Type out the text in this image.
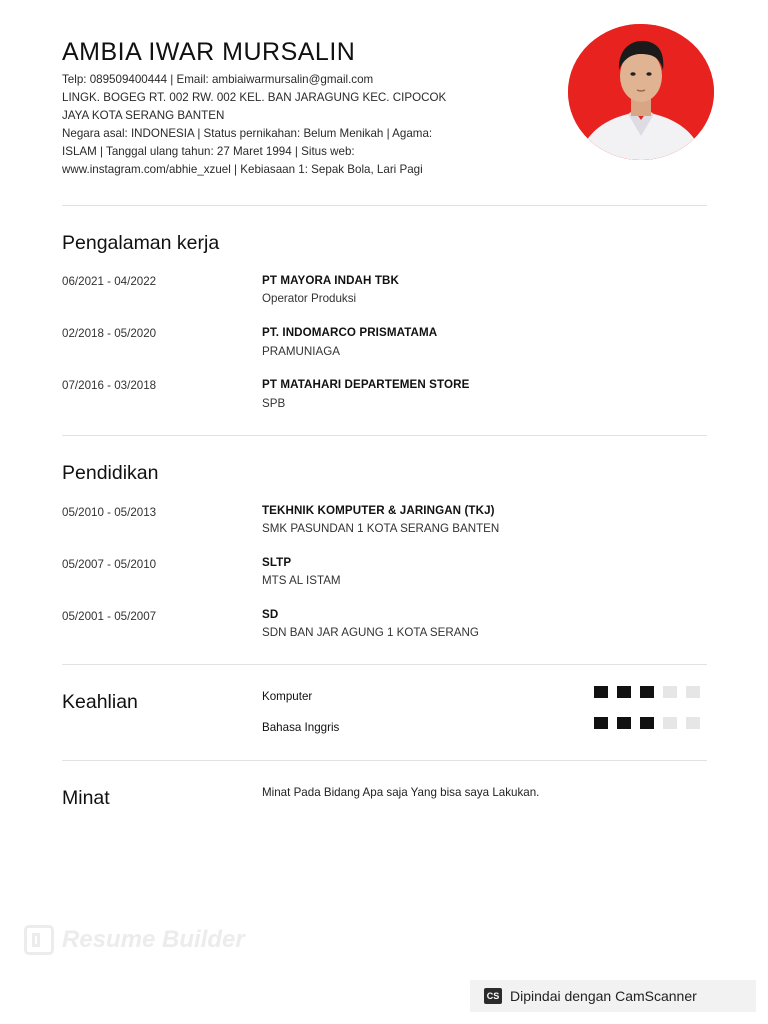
AMBIA IWAR MURSALIN
Telp: 089509400444 | Email: ambiaiwarmursalin@gmail.com
LINGK. BOGEG RT. 002 RW. 002 KEL. BAN JARAGUNG KEC. CIPOCOK
JAYA KOTA SERANG BANTEN
Negara asal: INDONESIA | Status pernikahan: Belum Menikah | Agama:
ISLAM | Tanggal ulang tahun: 27 Maret 1994 | Situs web:
www.instagram.com/abhie_xzuel | Kebiasaan 1: Sepak Bola, Lari Pagi
Pengalaman kerja
06/2021 - 04/2022	PT MAYORA INDAH TBK
Operator Produksi
02/2018 - 05/2020	PT. INDOMARCO PRISMATAMA
PRAMUNIAGA
07/2016 - 03/2018	PT MATAHARI DEPARTEMEN STORE
SPB
Pendidikan
05/2010 - 05/2013	TEKHNIK KOMPUTER & JARINGAN (TKJ)
SMK PASUNDAN 1 KOTA SERANG BANTEN
05/2007 - 05/2010	SLTP
MTS AL ISTAM
05/2001 - 05/2007	SD
SDN BAN JAR AGUNG 1 KOTA SERANG
Keahlian	Komputer
Bahasa Inggris
Minat	Minat Pada Bidang Apa saja Yang bisa saya Lakukan.
Resume Builder
CS Dipindai dengan CamScanner
